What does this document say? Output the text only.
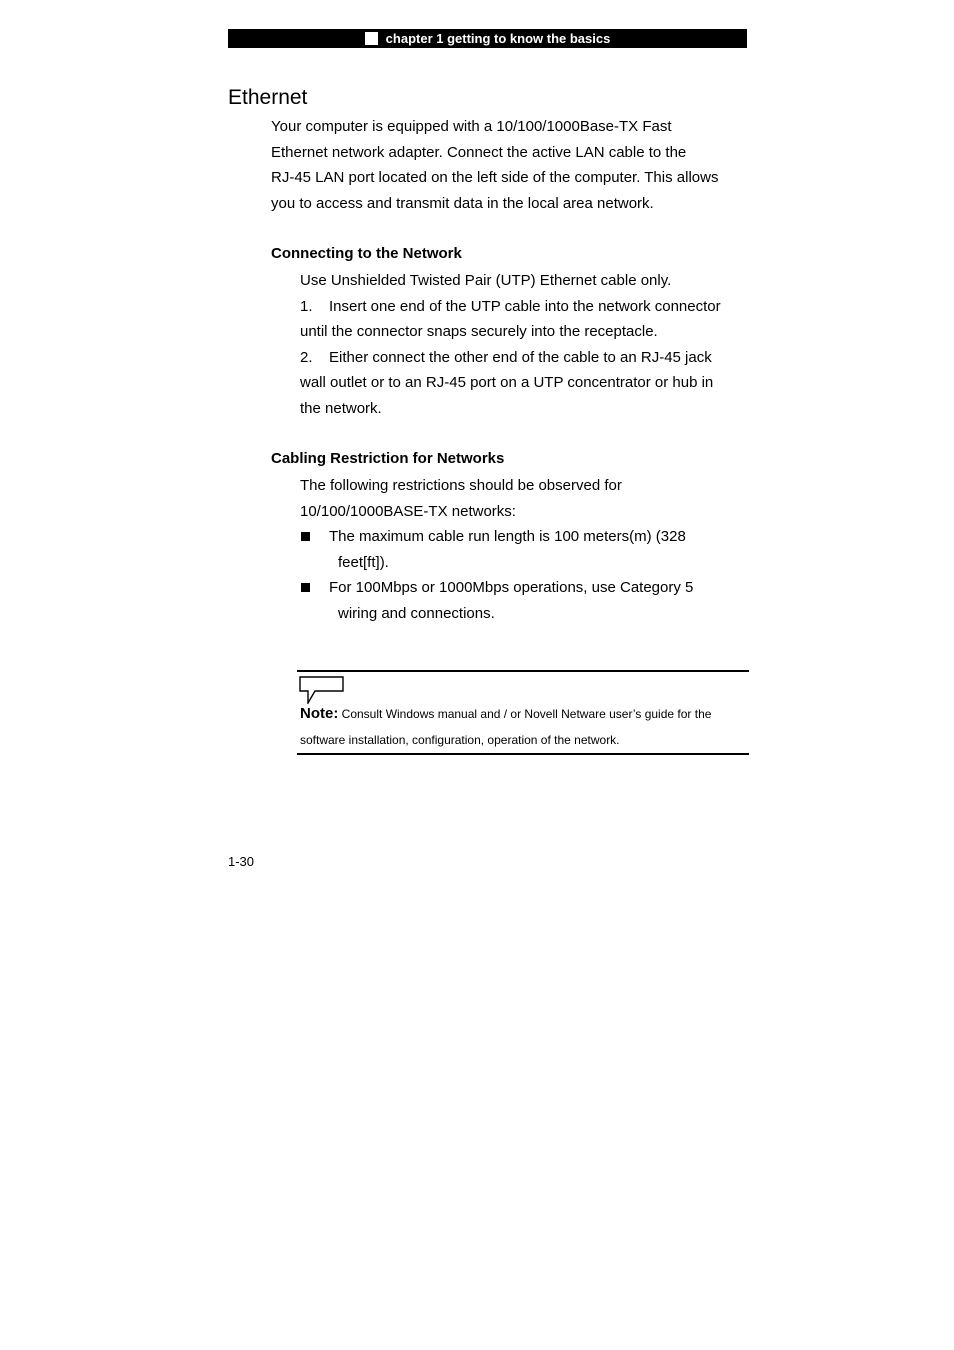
chapter 1 getting to know the basics
Ethernet
Your computer is equipped with a 10/100/1000Base-TX Fast
Ethernet network adapter. Connect the active LAN cable to the
RJ-45 LAN port located on the left side of the computer. This allows
you to access and transmit data in the local area network.
Connecting to the Network

Use Unshielded Twisted Pair (UTP) Ethernet cable only.

1. Insert one end of the UTP cable into the network connector

until the connector snaps securely into the receptacle.

2. Either connect the other end of the cable to an RJ-45 jack

wall outlet or to an RJ-45 port on a UTP concentrator or hub in

the network.

Cabling Restriction for Networks

The following restrictions should be observed for

10/100/1000BASE-TX networks:

The maximum cable run length is 100 meters(m) (328

feet[ft]).

For 100Mbps or 1000Mbps operations, use Category 5

wiring and connections.

Note: Consult Windows manual and / or Novell Netware user’s guide for the
software installation, configuration, operation of the network.
1-30
